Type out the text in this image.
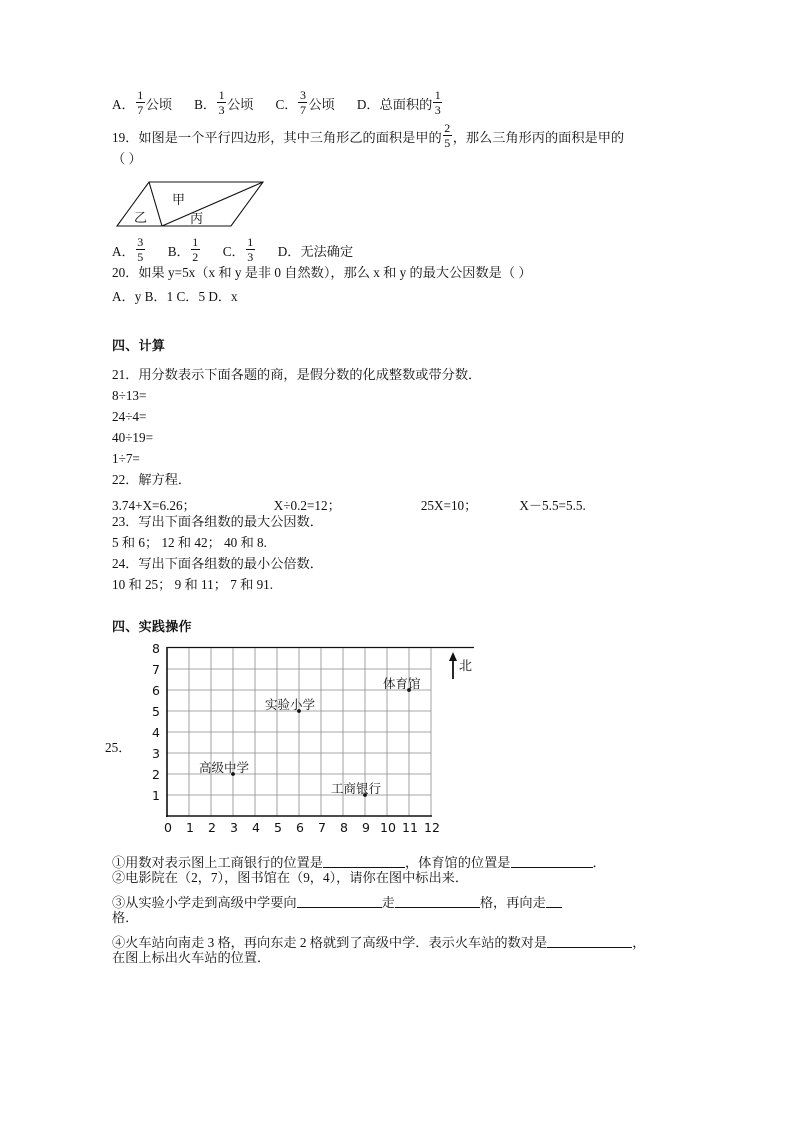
A． $\frac{1}{7}$ 公顷 B． $\frac{1}{3}$ 公顷 C． $\frac{3}{7}$ 公顷 D． 总面积的 $\frac{1}{3}$
19．如图是一个平行四边形，其中三角形乙的面积是甲的 $\frac{2}{5}$ ，那么三角形丙的面积是甲的
（ ）
甲
乙	丙
A． $\frac{3}{5}$ B． $\frac{1}{2}$ C． $\frac{1}{3}$ D． 无法确定
20．如果 y=5x（x 和 y 是非 0 自然数），那么 x 和 y 的最大公因数是（ ）
A．y B．1 C．5 D．x
四、计算
21．用分数表示下面各题的商，是假分数的化成整数或带分数．
8÷13=
24÷4=
40÷19=
1÷7=
22．解方程．
3.74+X=6.26；	X÷0.2=12；	25X=10；	X－5.5=5.5.
23．写出下面各组数的最大公因数．
5 和 6； 12 和 42； 40 和 8.
24．写出下面各组数的最小公倍数．
10 和 25； 9 和 11； 7 和 91.
四、实践操作
25．
8
7
6
5
4
3
2
1
0 1 2 3 4 5 6 7 8 9 10 11 12
实验小学
体育馆
高级中学
工商银行
北
①用数对表示图上工商银行的位置是	，体育馆的位置是	．
②电影院在（2，7），图书馆在（9，4），请你在图中标出来．
③从实验小学走到高级中学要向	走	格，再向 走
格．
④火车站向南走 3 格，再向东走 2 格就到了高级中学．表示火车站的数对是	，
在图上标出火车站的位置．
